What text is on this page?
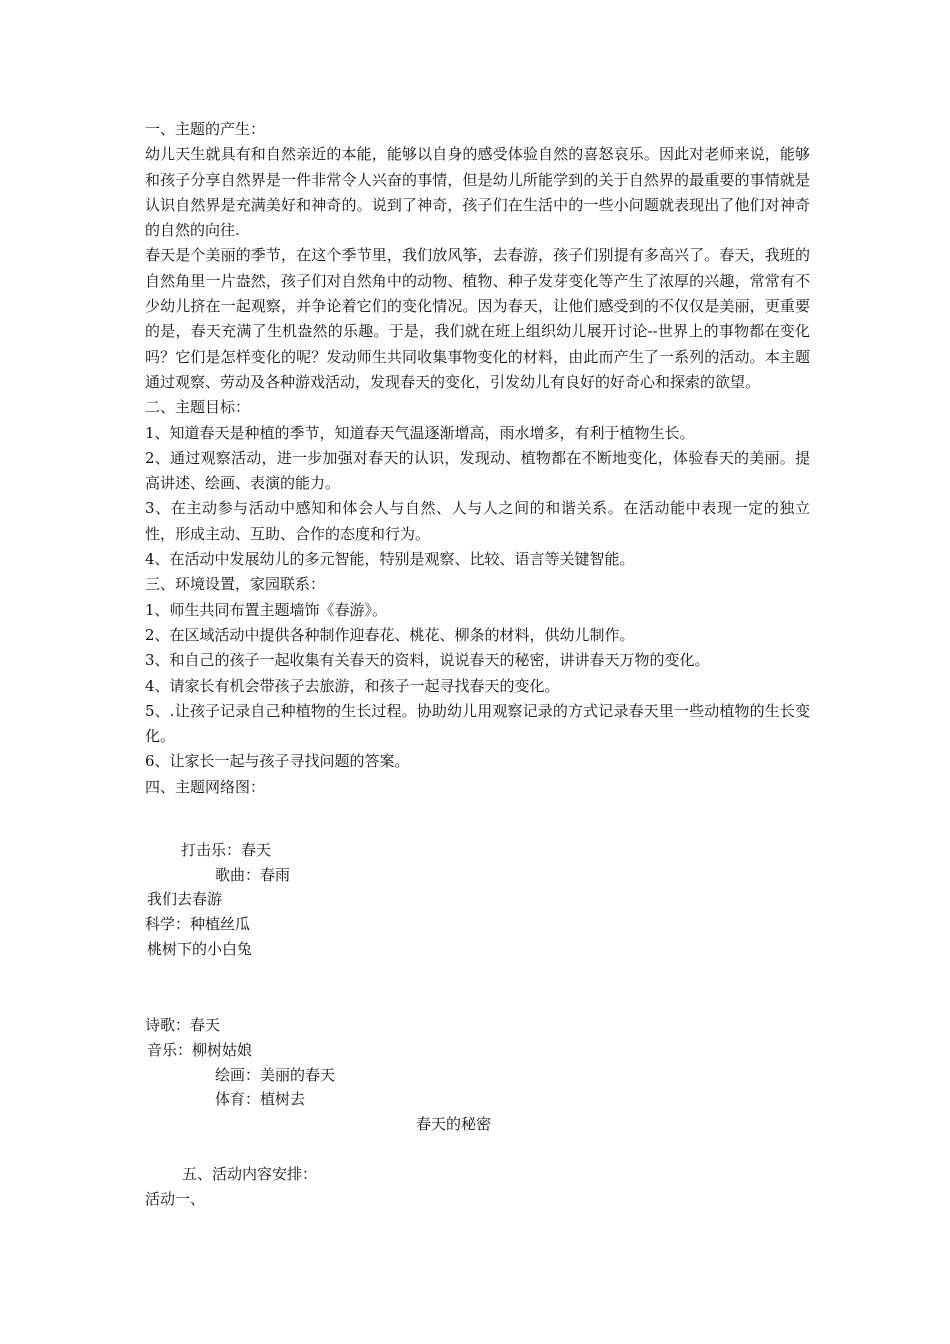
一、主题的产生：

幼儿天生就具有和自然亲近的本能，能够以自身的感受体验自然的喜怒哀乐。因此对老师来说，能够和孩子分享自然界是一件非常令人兴奋的事情，但是幼儿所能学到的关于自然界的最重要的事情就是认识自然界是充满美好和神奇的。说到了神奇，孩子们在生活中的一些小问题就表现出了他们对神奇的自然的向往.

春天是个美丽的季节，在这个季节里，我们放风筝，去春游，孩子们别提有多高兴了。春天，我班的自然角里一片盎然，孩子们对自然角中的动物、植物、种子发芽变化等产生了浓厚的兴趣，常常有不少幼儿挤在一起观察，并争论着它们的变化情况。因为春天，让他们感受到的不仅仅是美丽，更重要的是，春天充满了生机盎然的乐趣。于是，我们就在班上组织幼儿展开讨论--世界上的事物都在变化吗？它们是怎样变化的呢？发动师生共同收集事物变化的材料，由此而产生了一系列的活动。本主题通过观察、劳动及各种游戏活动，发现春天的变化，引发幼儿有良好的好奇心和探索的欲望。

二、主题目标：

1、知道春天是种植的季节，知道春天气温逐渐增高，雨水增多，有利于植物生长。

2、通过观察活动，进一步加强对春天的认识，发现动、植物都在不断地变化，体验春天的美丽。提高讲述、绘画、表演的能力。

3、在主动参与活动中感知和体会人与自然、人与人之间的和谐关系。在活动能中表现一定的独立性，形成主动、互助、合作的态度和行为。

4、在活动中发展幼儿的多元智能，特别是观察、比较、语言等关键智能。

三、环境设置，家园联系：

1、师生共同布置主题墙饰《春游》。

2、在区域活动中提供各种制作迎春花、桃花、柳条的材料，供幼儿制作。

3、和自己的孩子一起收集有关春天的资料，说说春天的秘密，讲讲春天万物的变化。

4、请家长有机会带孩子去旅游，和孩子一起寻找春天的变化。

5、.让孩子记录自己种植物的生长过程。协助幼儿用观察记录的方式记录春天里一些动植物的生长变化。

6、让家长一起与孩子寻找问题的答案。

四、主题网络图：

打击乐：春天
歌曲：春雨
我们去春游
科学：种植丝瓜
桃树下的小白兔
诗歌：春天
音乐：柳树姑娘
绘画：美丽的春天
体育：植树去
春天的秘密
五、活动内容安排：
活动一、
